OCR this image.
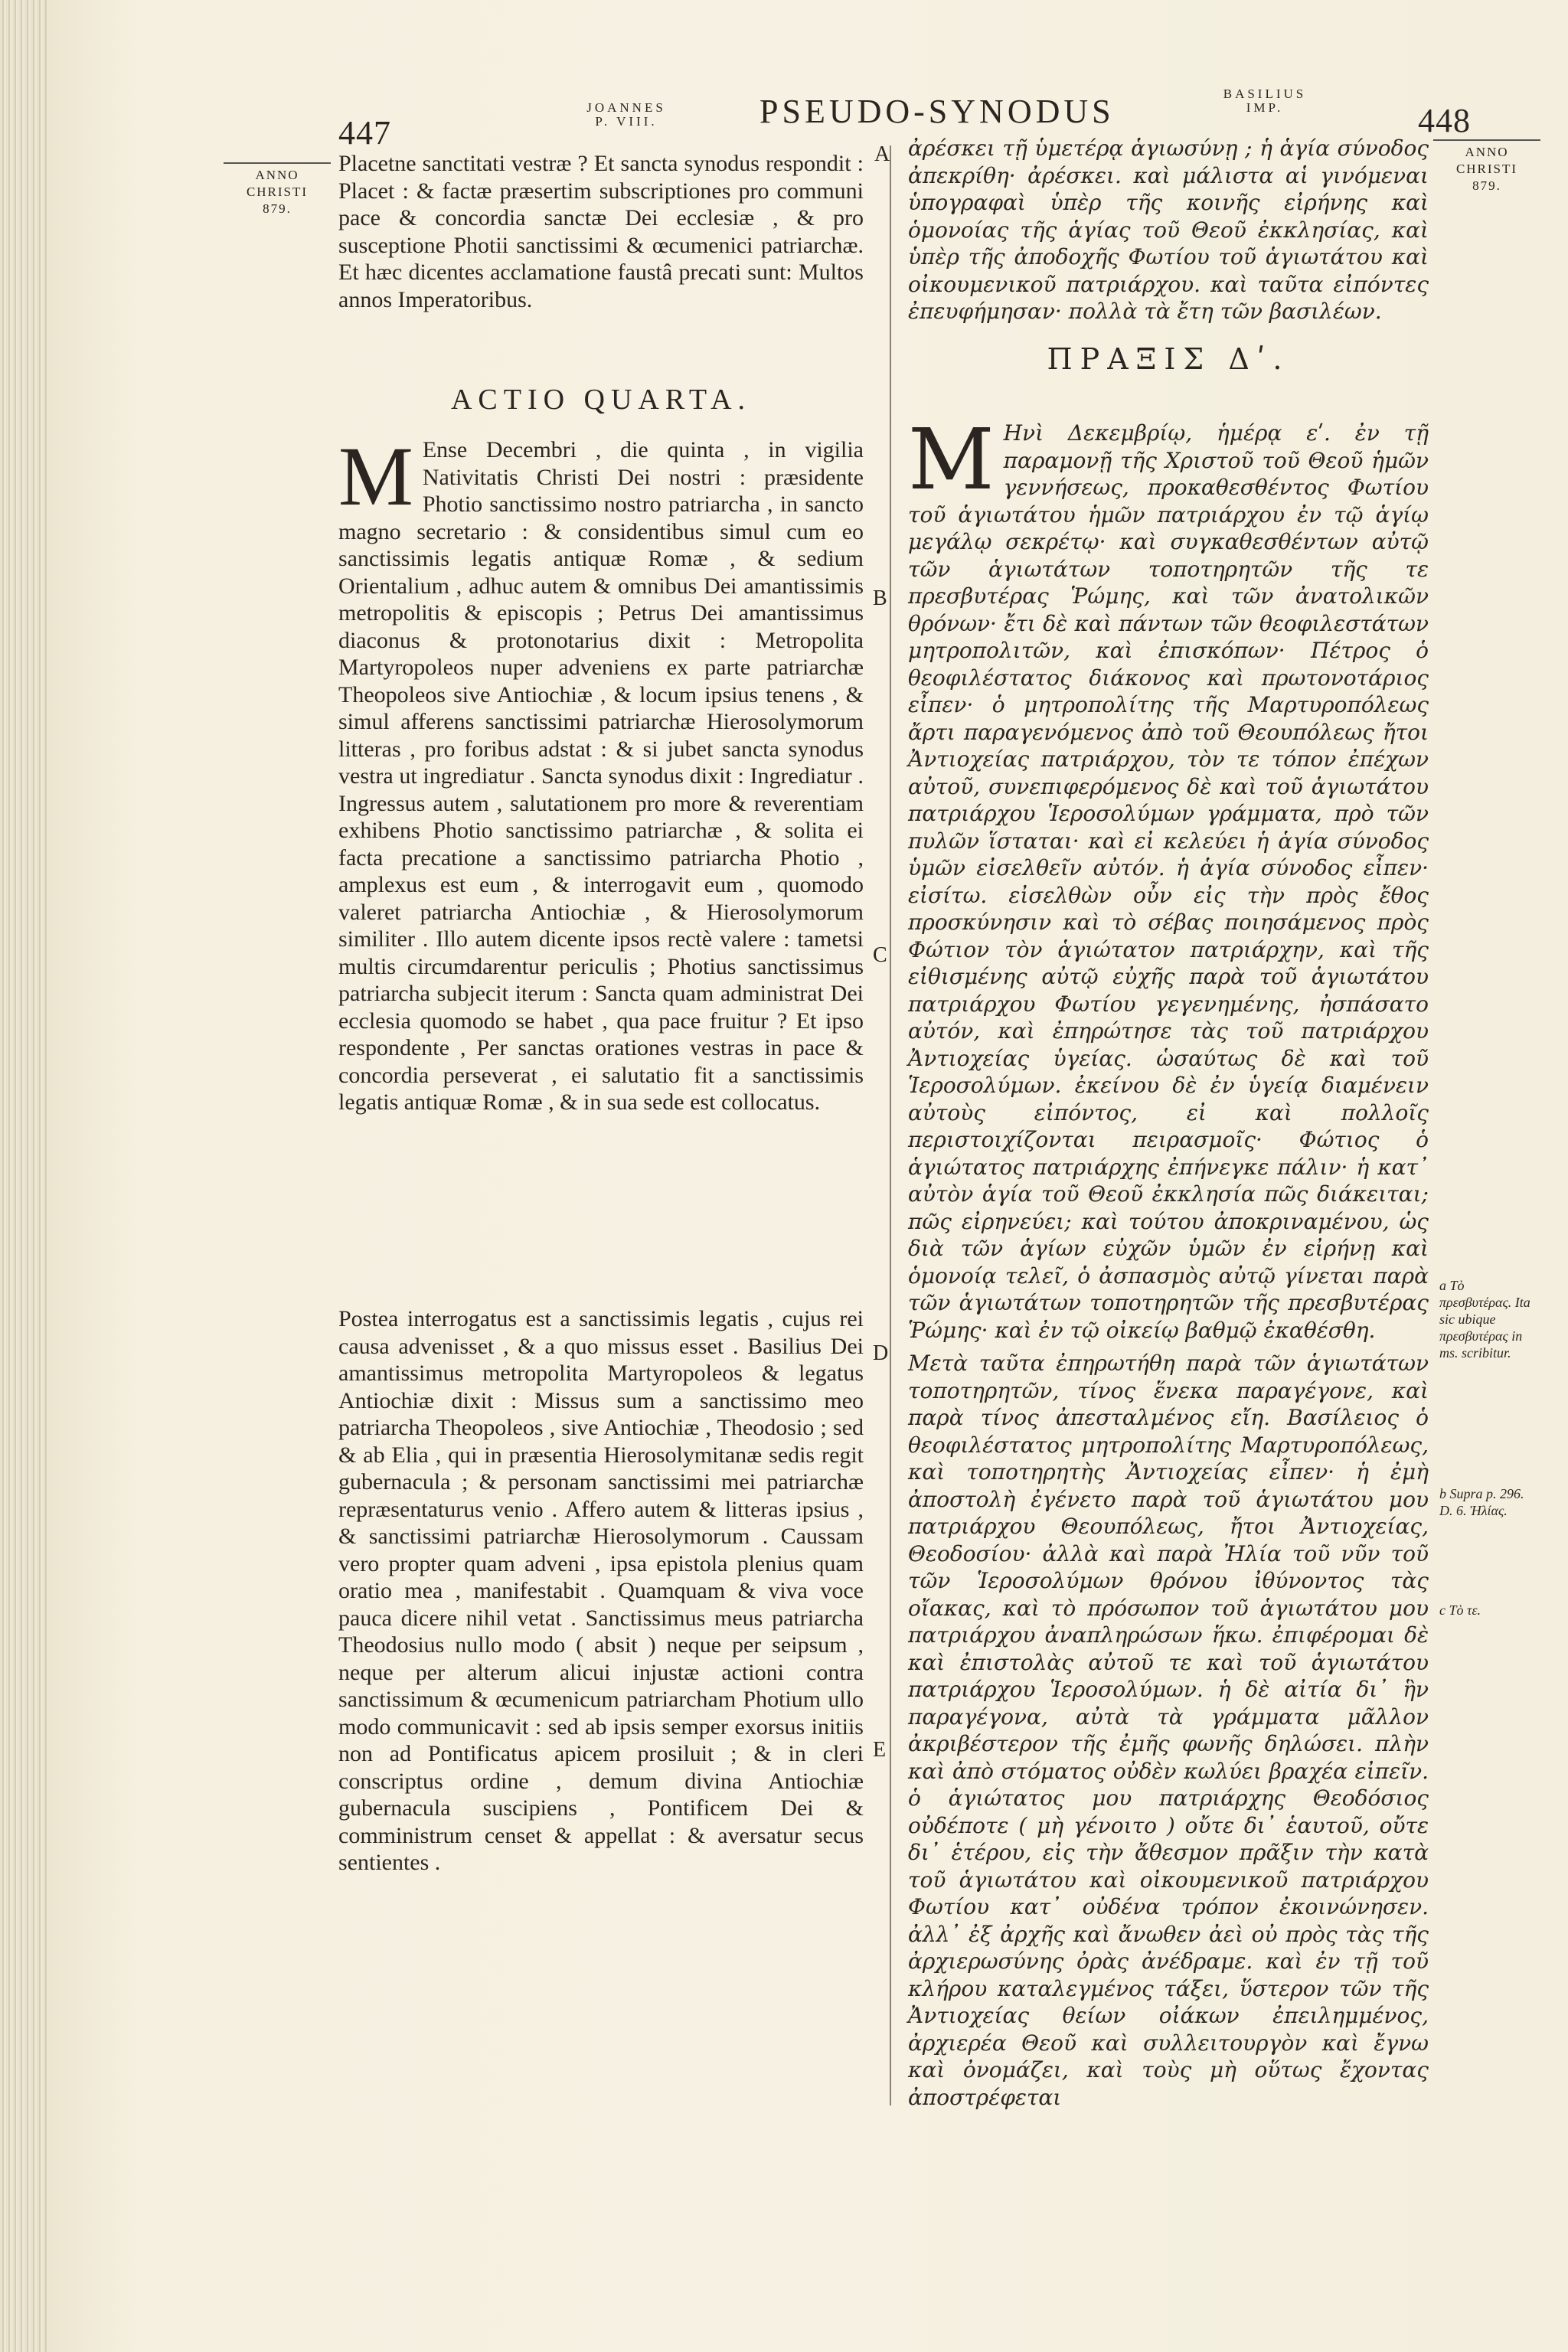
447
JOANNES
P. VIII.	PSEUDO-SYNODUS	BASILIUS
IMP.	448
ANNO
CHRISTI
879.
ANNO
CHRISTI
879.
A
B
C
D
E
Placetne sanctitati vestræ ? Et sancta synodus respondit : Placet : & factæ præsertim subscriptiones pro communi pace & concordia sanctæ Dei ecclesiæ , & pro susceptione Photii sanctissimi & œcumenici patriarchæ. Et hæc dicentes acclamatione faustâ precati sunt: Multos annos Imperatoribus.
ACTIO QUARTA.
M Ense Decembri , die quinta , in vigilia Nativitatis Christi Dei nostri : præsidente Photio sanctissimo nostro patriarcha , in sancto magno secretario : & considentibus simul cum eo sanctissimis legatis antiquæ Romæ , & sedium Orientalium , adhuc autem & omnibus Dei amantissimis metropolitis & episcopis ; Petrus Dei amantissimus diaconus & protonotarius dixit : Metropolita Martyropoleos nuper adveniens ex parte patriarchæ Theopoleos sive Antiochiæ , & locum ipsius tenens , & simul afferens sanctissimi patriarchæ Hierosolymorum litteras , pro foribus adstat : & si jubet sancta synodus vestra ut ingrediatur . Sancta synodus dixit : Ingrediatur . Ingressus autem , salutationem pro more & reverentiam exhibens Photio sanctissimo patriarchæ , & solita ei facta precatione a sanctissimo patriarcha Photio , amplexus est eum , & interrogavit eum , quomodo valeret patriarcha Antiochiæ , & Hierosolymorum similiter . Illo autem dicente ipsos rectè valere : tametsi multis circumdarentur periculis ; Photius sanctissimus patriarcha subjecit iterum : Sancta quam administrat Dei ecclesia quomodo se habet , qua pace fruitur ? Et ipso respondente , Per sanctas orationes vestras in pace & concordia perseverat , ei salutatio fit a sanctissimis legatis antiquæ Romæ , & in sua sede est collocatus.
Postea interrogatus est a sanctissimis legatis , cujus rei causa advenisset , & a quo missus esset . Basilius Dei amantissimus metropolita Martyropoleos & legatus Antiochiæ dixit : Missus sum a sanctissimo meo patriarcha Theopoleos , sive Antiochiæ , Theodosio ; sed & ab Elia , qui in præsentia Hierosolymitanæ sedis regit gubernacula ; & personam sanctissimi mei patriarchæ repræsentaturus venio . Affero autem & litteras ipsius , & sanctissimi patriarchæ Hierosolymorum . Caussam vero propter quam adveni , ipsa epistola plenius quam oratio mea , manifestabit . Quamquam & viva voce pauca dicere nihil vetat . Sanctissimus meus patriarcha Theodosius nullo modo ( absit ) neque per seipsum , neque per alterum alicui injustæ actioni contra sanctissimum & œcumenicum patriarcham Photium ullo modo communicavit : sed ab ipsis semper exorsus initiis non ad Pontificatus apicem prosiluit ; & in cleri conscriptus ordine , demum divina Antiochiæ gubernacula suscipiens , Pontificem Dei & comministrum censet & appellat : & aversatur secus sentientes .
ἀρέσκει τῇ ὑμετέρᾳ ἁγιωσύνῃ ; ἡ ἁγία σύνοδος ἀπεκρίθη· ἀρέσκει. καὶ μάλιστα αἱ γινόμεναι ὑπογραφαὶ ὑπὲρ τῆς κοινῆς εἰρήνης καὶ ὁμονοίας τῆς ἁγίας τοῦ Θεοῦ ἐκκλησίας, καὶ ὑπὲρ τῆς ἀποδοχῆς Φωτίου τοῦ ἁγιωτάτου καὶ οἰκουμενικοῦ πατριάρχου. καὶ ταῦτα εἰπόντες ἐπευφήμησαν· πολλὰ τὰ ἔτη τῶν βασιλέων.
ΠΡΑΞΙΣ Δʹ.
Μ Ηνὶ Δεκεμβρίῳ, ἡμέρᾳ εʹ. ἐν τῇ παραμονῇ τῆς Χριστοῦ τοῦ Θεοῦ ἡμῶν γεννήσεως, προκαθεσθέντος Φωτίου τοῦ ἁγιωτάτου ἡμῶν πατριάρχου ἐν τῷ ἁγίῳ μεγάλῳ σεκρέτῳ· καὶ συγκαθεσθέντων αὐτῷ τῶν ἁγιωτάτων τοποτηρητῶν τῆς τε πρεσβυτέρας Ῥώμης, καὶ τῶν ἀνατολικῶν θρόνων· ἔτι δὲ καὶ πάντων τῶν θεοφιλεστάτων μητροπολιτῶν, καὶ ἐπισκόπων· Πέτρος ὁ θεοφιλέστατος διάκονος καὶ πρωτονοτάριος εἶπεν· ὁ μητροπολίτης τῆς Μαρτυροπόλεως ἄρτι παραγενόμενος ἀπὸ τοῦ Θεουπόλεως ἤτοι Ἀντιοχείας πατριάρχου, τὸν τε τόπον ἐπέχων αὐτοῦ, συνεπιφερόμενος δὲ καὶ τοῦ ἁγιωτάτου πατριάρχου Ἱεροσολύμων γράμματα, πρὸ τῶν πυλῶν ἵσταται· καὶ εἰ κελεύει ἡ ἁγία σύνοδος ὑμῶν εἰσελθεῖν αὐτόν. ἡ ἁγία σύνοδος εἶπεν· εἰσίτω. εἰσελθὼν οὖν εἰς τὴν πρὸς ἔθος προσκύνησιν καὶ τὸ σέβας ποιησάμενος πρὸς Φώτιον τὸν ἁγιώτατον πατριάρχην, καὶ τῆς εἰθισμένης αὐτῷ εὐχῆς παρὰ τοῦ ἁγιωτάτου πατριάρχου Φωτίου γεγενημένης, ἠσπάσατο αὐτόν, καὶ ἐπηρώτησε τὰς τοῦ πατριάρχου Ἀντιοχείας ὑγείας. ὡσαύτως δὲ καὶ τοῦ Ἱεροσολύμων. ἐκείνου δὲ ἐν ὑγείᾳ διαμένειν αὐτοὺς εἰπόντος, εἰ καὶ πολλοῖς περιστοιχίζονται πειρασμοῖς· Φώτιος ὁ ἁγιώτατος πατριάρχης ἐπήνεγκε πάλιν· ἡ κατ᾽ αὐτὸν ἁγία τοῦ Θεοῦ ἐκκλησία πῶς διάκειται; πῶς εἰρηνεύει; καὶ τούτου ἀποκριναμένου, ὡς διὰ τῶν ἁγίων εὐχῶν ὑμῶν ἐν εἰρήνῃ καὶ ὁμονοίᾳ τελεῖ, ὁ ἀσπασμὸς αὐτῷ γίνεται παρὰ τῶν ἁγιωτάτων τοποτηρητῶν τῆς πρεσβυτέρας Ῥώμης· καὶ ἐν τῷ οἰκείῳ βαθμῷ ἐκαθέσθη.
Μετὰ ταῦτα ἐπηρωτήθη παρὰ τῶν ἁγιωτάτων τοποτηρητῶν, τίνος ἕνεκα παραγέγονε, καὶ παρὰ τίνος ἀπεσταλμένος εἴη. Βασίλειος ὁ θεοφιλέστατος μητροπολίτης Μαρτυροπόλεως, καὶ τοποτηρητὴς Ἀντιοχείας εἶπεν· ἡ ἐμὴ ἀποστολὴ ἐγένετο παρὰ τοῦ ἁγιωτάτου μου πατριάρχου Θεουπόλεως, ἤτοι Ἀντιοχείας, Θεοδοσίου· ἀλλὰ καὶ παρὰ Ἠλία τοῦ νῦν τοῦ τῶν Ἱεροσολύμων θρόνου ἰθύνοντος τὰς οἴακας, καὶ τὸ πρόσωπον τοῦ ἁγιωτάτου μου πατριάρχου ἀναπληρώσων ἥκω. ἐπιφέρομαι δὲ καὶ ἐπιστολὰς αὐτοῦ τε καὶ τοῦ ἁγιωτάτου πατριάρχου Ἱεροσολύμων. ἡ δὲ αἰτία δι᾽ ἣν παραγέγονα, αὐτὰ τὰ γράμματα μᾶλλον ἀκριβέστερον τῆς ἐμῆς φωνῆς δηλώσει. πλὴν καὶ ἀπὸ στόματος οὐδὲν κωλύει βραχέα εἰπεῖν. ὁ ἁγιώτατος μου πατριάρχης Θεοδόσιος οὐδέποτε ( μὴ γένοιτο ) οὔτε δι᾽ ἑαυτοῦ, οὔτε δι᾽ ἑτέρου, εἰς τὴν ἄθεσμον πρᾶξιν τὴν κατὰ τοῦ ἁγιωτάτου καὶ οἰκουμενικοῦ πατριάρχου Φωτίου κατ᾽ οὐδένα τρόπον ἐκοινώνησεν. ἀλλ᾽ ἐξ ἀρχῆς καὶ ἄνωθεν ἀεὶ οὐ πρὸς τὰς τῆς ἀρχιερωσύνης ὀρὰς ἀνέδραμε. καὶ ἐν τῇ τοῦ κλήρου καταλεγμένος τάξει, ὕστερον τῶν τῆς Ἀντιοχείας θείων οἰάκων ἐπειλημμένος, ἀρχιερέα Θεοῦ καὶ συλλειτουργὸν καὶ ἔγνω καὶ ὀνομάζει, καὶ τοὺς μὴ οὕτως ἔχοντας ἀποστρέφεται
a Τὸ πρεσβυτέρας. Ita sic ubique πρεσβυτέρας in ms. scribitur.
b Supra p. 296. D. 6. Ἠλίας.
c Τὸ τε.
